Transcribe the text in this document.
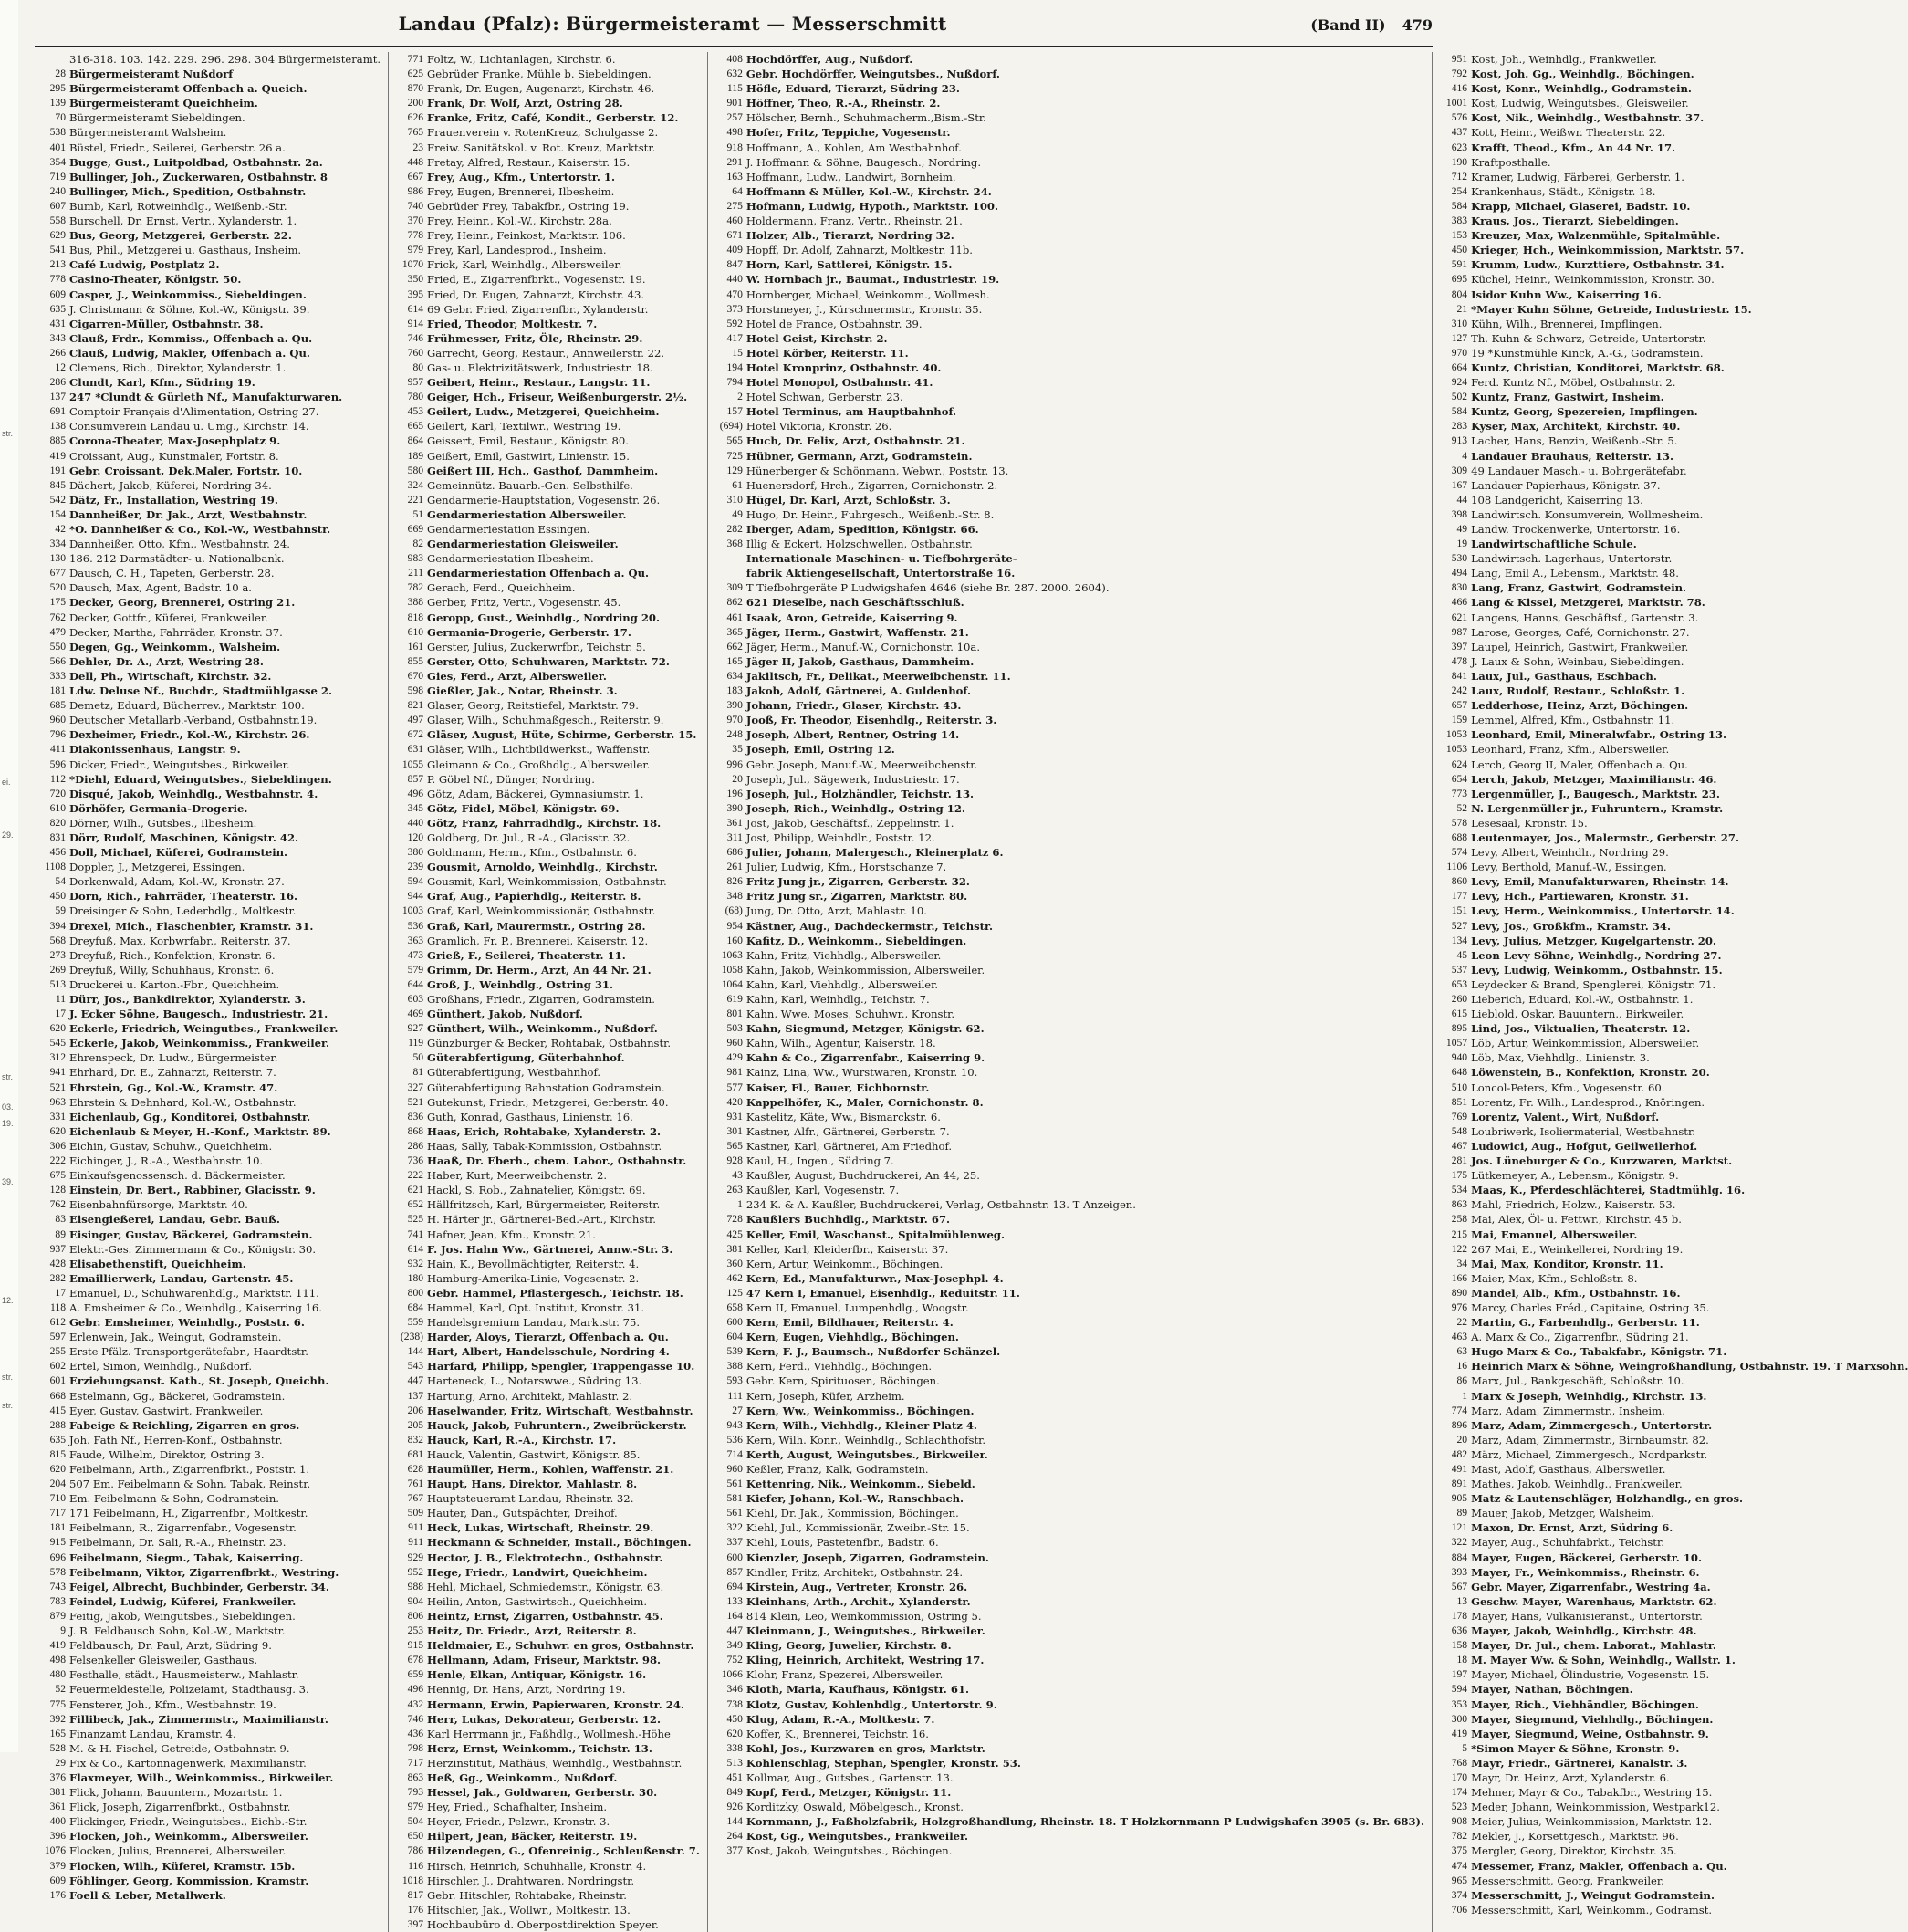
str.
ei.
29.
str.
03.
19.
39.
12.
str.
str.
Landau (Pfalz): Bürgermeisteramt — Messerschmitt	(Band II) 479
316-318. 103. 142. 229. 296. 298. 304 Bürgermeisteramt.
28 Bürgermeisteramt Nußdorf
295 Bürgermeisteramt Offenbach a. Queich.
139 Bürgermeisteramt Queichheim.
70 Bürgermeisteramt Siebeldingen.
538 Bürgermeisteramt Walsheim.
401 Büstel, Friedr., Seilerei, Gerberstr. 26 a.
354 Bugge, Gust., Luitpoldbad, Ostbahnstr. 2a.
719 Bullinger, Joh., Zuckerwaren, Ostbahnstr. 8
240 Bullinger, Mich., Spedition, Ostbahnstr.
607 Bumb, Karl, Rotweinhdlg., Weißenb.-Str.
558 Burschell, Dr. Ernst, Vertr., Xylanderstr. 1.
629 Bus, Georg, Metzgerei, Gerberstr. 22.
541 Bus, Phil., Metzgerei u. Gasthaus, Insheim.
213 Café Ludwig, Postplatz 2.
778 Casino-Theater, Königstr. 50.
609 Casper, J., Weinkommiss., Siebeldingen.
635 J. Christmann & Söhne, Kol.-W., Königstr. 39.
431 Cigarren-Müller, Ostbahnstr. 38.
343 Clauß, Frdr., Kommiss., Offenbach a. Qu.
266 Clauß, Ludwig, Makler, Offenbach a. Qu.
12 Clemens, Rich., Direktor, Xylanderstr. 1.
286 Clundt, Karl, Kfm., Südring 19.
137 247 *Clundt & Gürleth Nf., Manufakturwaren.
691 Comptoir Français d'Alimentation, Ostring 27.
138 Consumverein Landau u. Umg., Kirchstr. 14.
885 Corona-Theater, Max-Josephplatz 9.
419 Croissant, Aug., Kunstmaler, Fortstr. 8.
191 Gebr. Croissant, Dek.Maler, Fortstr. 10.
845 Dächert, Jakob, Küferei, Nordring 34.
542 Dätz, Fr., Installation, Westring 19.
154 Dannheißer, Dr. Jak., Arzt, Westbahnstr.
42 *O. Dannheißer & Co., Kol.-W., Westbahnstr.
334 Dannheißer, Otto, Kfm., Westbahnstr. 24.
130 186. 212 Darmstädter- u. Nationalbank.
677 Dausch, C. H., Tapeten, Gerberstr. 28.
520 Dausch, Max, Agent, Badstr. 10 a.
175 Decker, Georg, Brennerei, Ostring 21.
762 Decker, Gottfr., Küferei, Frankweiler.
479 Decker, Martha, Fahrräder, Kronstr. 37.
550 Degen, Gg., Weinkomm., Walsheim.
566 Dehler, Dr. A., Arzt, Westring 28.
333 Dell, Ph., Wirtschaft, Kirchstr. 32.
181 Ldw. Deluse Nf., Buchdr., Stadtmühlgasse 2.
685 Demetz, Eduard, Bücherrev., Marktstr. 100.
960 Deutscher Metallarb.-Verband, Ostbahnstr.19.
796 Dexheimer, Friedr., Kol.-W., Kirchstr. 26.
411 Diakonissenhaus, Langstr. 9.
596 Dicker, Friedr., Weingutsbes., Birkweiler.
112 *Diehl, Eduard, Weingutsbes., Siebeldingen.
720 Disqué, Jakob, Weinhdlg., Westbahnstr. 4.
610 Dörhöfer, Germania-Drogerie.
820 Dörner, Wilh., Gutsbes., Ilbesheim.
831 Dörr, Rudolf, Maschinen, Königstr. 42.
456 Doll, Michael, Küferei, Godramstein.
1108 Doppler, J., Metzgerei, Essingen.
54 Dorkenwald, Adam, Kol.-W., Kronstr. 27.
450 Dorn, Rich., Fahrräder, Theaterstr. 16.
59 Dreisinger & Sohn, Lederhdlg., Moltkestr.
394 Drexel, Mich., Flaschenbier, Kramstr. 31.
568 Dreyfuß, Max, Korbwrfabr., Reiterstr. 37.
273 Dreyfuß, Rich., Konfektion, Kronstr. 6.
269 Dreyfuß, Willy, Schuhhaus, Kronstr. 6.
513 Druckerei u. Karton.-Fbr., Queichheim.
11 Dürr, Jos., Bankdirektor, Xylanderstr. 3.
17 J. Ecker Söhne, Baugesch., Industriestr. 21.
620 Eckerle, Friedrich, Weingutbes., Frankweiler.
545 Eckerle, Jakob, Weinkommiss., Frankweiler.
312 Ehrenspeck, Dr. Ludw., Bürgermeister.
941 Ehrhard, Dr. E., Zahnarzt, Reiterstr. 7.
521 Ehrstein, Gg., Kol.-W., Kramstr. 47.
963 Ehrstein & Dehnhard, Kol.-W., Ostbahnstr.
331 Eichenlaub, Gg., Konditorei, Ostbahnstr.
620 Eichenlaub & Meyer, H.-Konf., Marktstr. 89.
306 Eichin, Gustav, Schuhw., Queichheim.
222 Eichinger, J., R.-A., Westbahnstr. 10.
675 Einkaufsgenossensch. d. Bäckermeister.
128 Einstein, Dr. Bert., Rabbiner, Glacisstr. 9.
762 Eisenbahnfürsorge, Marktstr. 40.
83 Eisengießerei, Landau, Gebr. Bauß.
89 Eisinger, Gustav, Bäckerei, Godramstein.
937 Elektr.-Ges. Zimmermann & Co., Königstr. 30.
428 Elisabethenstift, Queichheim.
282 Emaillierwerk, Landau, Gartenstr. 45.
17 Emanuel, D., Schuhwarenhdlg., Marktstr. 111.
118 A. Emsheimer & Co., Weinhdlg., Kaiserring 16.
612 Gebr. Emsheimer, Weinhdlg., Poststr. 6.
597 Erlenwein, Jak., Weingut, Godramstein.
255 Erste Pfälz. Transportgerätefabr., Haardtstr.
602 Ertel, Simon, Weinhdlg., Nußdorf.
601 Erziehungsanst. Kath., St. Joseph, Queichh.
668 Estelmann, Gg., Bäckerei, Godramstein.
415 Eyer, Gustav, Gastwirt, Frankweiler.
288 Fabeige & Reichling, Zigarren en gros.
635 Joh. Fath Nf., Herren-Konf., Ostbahnstr.
815 Faude, Wilhelm, Direktor, Ostring 3.
620 Feibelmann, Arth., Zigarrenfbrkt., Poststr. 1.
204 507 Em. Feibelmann & Sohn, Tabak, Reinstr.
710 Em. Feibelmann & Sohn, Godramstein.
717 171 Feibelmann, H., Zigarrenfbr., Moltkestr.
181 Feibelmann, R., Zigarrenfabr., Vogesenstr.
915 Feibelmann, Dr. Sali, R.-A., Rheinstr. 23.
696 Feibelmann, Siegm., Tabak, Kaiserring.
578 Feibelmann, Viktor, Zigarrenfbrkt., Westring.
743 Feigel, Albrecht, Buchbinder, Gerberstr. 34.
783 Feindel, Ludwig, Küferei, Frankweiler.
879 Feitig, Jakob, Weingutsbes., Siebeldingen.
9 J. B. Feldbausch Sohn, Kol.-W., Marktstr.
419 Feldbausch, Dr. Paul, Arzt, Südring 9.
498 Felsenkeller Gleisweiler, Gasthaus.
480 Festhalle, städt., Hausmeisterw., Mahlastr.
52 Feuermeldestelle, Polizeiamt, Stadthausg. 3.
775 Fensterer, Joh., Kfm., Westbahnstr. 19.
392 Fillibeck, Jak., Zimmermstr., Maximilianstr.
165 Finanzamt Landau, Kramstr. 4.
528 M. & H. Fischel, Getreide, Ostbahnstr. 9.
29 Fix & Co., Kartonnagenwerk, Maximilianstr.
376 Flaxmeyer, Wilh., Weinkommiss., Birkweiler.
381 Flick, Johann, Bauuntern., Mozartstr. 1.
361 Flick, Joseph, Zigarrenfbrkt., Ostbahnstr.
400 Flickinger, Friedr., Weingutsbes., Eichb.-Str.
396 Flocken, Joh., Weinkomm., Albersweiler.
1076 Flocken, Julius, Brennerei, Albersweiler.
379 Flocken, Wilh., Küferei, Kramstr. 15b.
609 Föhlinger, Georg, Kommission, Kramstr.
176 Foell & Leber, Metallwerk.
771 Foltz, W., Lichtanlagen, Kirchstr. 6.
625 Gebrüder Franke, Mühle b. Siebeldingen.
870 Frank, Dr. Eugen, Augenarzt, Kirchstr. 46.
200 Frank, Dr. Wolf, Arzt, Ostring 28.
626 Franke, Fritz, Café, Kondit., Gerberstr. 12.
765 Frauenverein v. RotenKreuz, Schulgasse 2.
23 Freiw. Sanitätskol. v. Rot. Kreuz, Marktstr.
448 Fretay, Alfred, Restaur., Kaiserstr. 15.
667 Frey, Aug., Kfm., Untertorstr. 1.
986 Frey, Eugen, Brennerei, Ilbesheim.
740 Gebrüder Frey, Tabakfbr., Ostring 19.
370 Frey, Heinr., Kol.-W., Kirchstr. 28a.
778 Frey, Heinr., Feinkost, Marktstr. 106.
979 Frey, Karl, Landesprod., Insheim.
1070 Frick, Karl, Weinhdlg., Albersweiler.
350 Fried, E., Zigarrenfbrkt., Vogesenstr. 19.
395 Fried, Dr. Eugen, Zahnarzt, Kirchstr. 43.
614 69 Gebr. Fried, Zigarrenfbr., Xylanderstr.
914 Fried, Theodor, Moltkestr. 7.
746 Frühmesser, Fritz, Öle, Rheinstr. 29.
760 Garrecht, Georg, Restaur., Annweilerstr. 22.
80 Gas- u. Elektrizitätswerk, Industriestr. 18.
957 Geibert, Heinr., Restaur., Langstr. 11.
780 Geiger, Hch., Friseur, Weißenburgerstr. 2½.
453 Geilert, Ludw., Metzgerei, Queichheim.
665 Geilert, Karl, Textilwr., Westring 19.
864 Geissert, Emil, Restaur., Königstr. 80.
189 Geißert, Emil, Gastwirt, Linienstr. 15.
580 Geißert III, Hch., Gasthof, Dammheim.
324 Gemeinnütz. Bauarb.-Gen. Selbsthilfe.
221 Gendarmerie-Hauptstation, Vogesenstr. 26.
51 Gendarmeriestation Albersweiler.
669 Gendarmeriestation Essingen.
82 Gendarmeriestation Gleisweiler.
983 Gendarmeriestation Ilbesheim.
211 Gendarmeriestation Offenbach a. Qu.
782 Gerach, Ferd., Queichheim.
388 Gerber, Fritz, Vertr., Vogesenstr. 45.
818 Geropp, Gust., Weinhdlg., Nordring 20.
610 Germania-Drogerie, Gerberstr. 17.
161 Gerster, Julius, Zuckerwrfbr., Teichstr. 5.
855 Gerster, Otto, Schuhwaren, Marktstr. 72.
670 Gies, Ferd., Arzt, Albersweiler.
598 Gießler, Jak., Notar, Rheinstr. 3.
821 Glaser, Georg, Reitstiefel, Marktstr. 79.
497 Glaser, Wilh., Schuhmaßgesch., Reiterstr. 9.
672 Gläser, August, Hüte, Schirme, Gerberstr. 15.
631 Gläser, Wilh., Lichtbildwerkst., Waffenstr.
1055 Gleimann & Co., Großhdlg., Albersweiler.
857 P. Göbel Nf., Dünger, Nordring.
496 Götz, Adam, Bäckerei, Gymnasiumstr. 1.
345 Götz, Fidel, Möbel, Königstr. 69.
440 Götz, Franz, Fahrradhdlg., Kirchstr. 18.
120 Goldberg, Dr. Jul., R.-A., Glacisstr. 32.
380 Goldmann, Herm., Kfm., Ostbahnstr. 6.
239 Gousmit, Arnoldo, Weinhdlg., Kirchstr.
594 Gousmit, Karl, Weinkommission, Ostbahnstr.
944 Graf, Aug., Papierhdlg., Reiterstr. 8.
1003 Graf, Karl, Weinkommissionär, Ostbahnstr.
536 Graß, Karl, Maurermstr., Ostring 28.
363 Gramlich, Fr. P., Brennerei, Kaiserstr. 12.
473 Grieß, F., Seilerei, Theaterstr. 11.
579 Grimm, Dr. Herm., Arzt, An 44 Nr. 21.
644 Groß, J., Weinhdlg., Ostring 31.
603 Großhans, Friedr., Zigarren, Godramstein.
469 Günthert, Jakob, Nußdorf.
927 Günthert, Wilh., Weinkomm., Nußdorf.
119 Günzburger & Becker, Rohtabak, Ostbahnstr.
50 Güterabfertigung, Güterbahnhof.
81 Güterabfertigung, Westbahnhof.
327 Güterabfertigung Bahnstation Godramstein.
521 Gutekunst, Friedr., Metzgerei, Gerberstr. 40.
836 Guth, Konrad, Gasthaus, Linienstr. 16.
868 Haas, Erich, Rohtabake, Xylanderstr. 2.
286 Haas, Sally, Tabak-Kommission, Ostbahnstr.
736 Haaß, Dr. Eberh., chem. Labor., Ostbahnstr.
222 Haber, Kurt, Meerweibchenstr. 2.
621 Hackl, S. Rob., Zahnatelier, Königstr. 69.
652 Hällfritzsch, Karl, Bürgermeister, Reiterstr.
525 H. Härter jr., Gärtnerei-Bed.-Art., Kirchstr.
741 Hafner, Jean, Kfm., Kronstr. 21.
614 F. Jos. Hahn Ww., Gärtnerei, Annw.-Str. 3.
932 Hain, K., Bevollmächtigter, Reiterstr. 4.
180 Hamburg-Amerika-Linie, Vogesenstr. 2.
800 Gebr. Hammel, Pflastergesch., Teichstr. 18.
684 Hammel, Karl, Opt. Institut, Kronstr. 31.
559 Handelsgremium Landau, Marktstr. 75.
(238) Harder, Aloys, Tierarzt, Offenbach a. Qu.
144 Hart, Albert, Handelsschule, Nordring 4.
543 Harfard, Philipp, Spengler, Trappengasse 10.
447 Harteneck, L., Notarswwe., Südring 13.
137 Hartung, Arno, Architekt, Mahlastr. 2.
206 Haselwander, Fritz, Wirtschaft, Westbahnstr.
205 Hauck, Jakob, Fuhruntern., Zweibrückerstr.
832 Hauck, Karl, R.-A., Kirchstr. 17.
681 Hauck, Valentin, Gastwirt, Königstr. 85.
628 Haumüller, Herm., Kohlen, Waffenstr. 21.
761 Haupt, Hans, Direktor, Mahlastr. 8.
767 Hauptsteueramt Landau, Rheinstr. 32.
509 Hauter, Dan., Gutspächter, Dreihof.
911 Heck, Lukas, Wirtschaft, Rheinstr. 29.
911 Heckmann & Schneider, Install., Böchingen.
929 Hector, J. B., Elektrotechn., Ostbahnstr.
952 Hege, Friedr., Landwirt, Queichheim.
988 Hehl, Michael, Schmiedemstr., Königstr. 63.
904 Heilin, Anton, Gastwirtsch., Queichheim.
806 Heintz, Ernst, Zigarren, Ostbahnstr. 45.
253 Heitz, Dr. Friedr., Arzt, Reiterstr. 8.
915 Heldmaier, E., Schuhwr. en gros, Ostbahnstr.
678 Hellmann, Adam, Friseur, Marktstr. 98.
659 Henle, Elkan, Antiquar, Königstr. 16.
496 Hennig, Dr. Hans, Arzt, Nordring 19.
432 Hermann, Erwin, Papierwaren, Kronstr. 24.
746 Herr, Lukas, Dekorateur, Gerberstr. 12.
436 Karl Herrmann jr., Faßhdlg., Wollmesh.-Höhe
798 Herz, Ernst, Weinkomm., Teichstr. 13.
717 Herzinstitut, Mathäus, Weinhdlg., Westbahnstr.
863 Heß, Gg., Weinkomm., Nußdorf.
793 Hessel, Jak., Goldwaren, Gerberstr. 30.
979 Hey, Fried., Schafhalter, Insheim.
504 Heyer, Friedr., Pelzwr., Kronstr. 3.
650 Hilpert, Jean, Bäcker, Reiterstr. 19.
786 Hilzendegen, G., Ofenreinig., Schleußenstr. 7.
116 Hirsch, Heinrich, Schuhhalle, Kronstr. 4.
1018 Hirschler, J., Drahtwaren, Nordringstr.
817 Gebr. Hitschler, Rohtabake, Rheinstr.
176 Hitschler, Jak., Wollwr., Moltkestr. 13.
397 Hochbaubüro d. Oberpostdirektion Speyer.
408 Hochdörffer, Aug., Nußdorf.
632 Gebr. Hochdörffer, Weingutsbes., Nußdorf.
115 Höfle, Eduard, Tierarzt, Südring 23.
901 Höffner, Theo, R.-A., Rheinstr. 2.
257 Hölscher, Bernh., Schuhmacherm.,Bism.-Str.
498 Hofer, Fritz, Teppiche, Vogesenstr.
918 Hoffmann, A., Kohlen, Am Westbahnhof.
291 J. Hoffmann & Söhne, Baugesch., Nordring.
163 Hoffmann, Ludw., Landwirt, Bornheim.
64 Hoffmann & Müller, Kol.-W., Kirchstr. 24.
275 Hofmann, Ludwig, Hypoth., Marktstr. 100.
460 Holdermann, Franz, Vertr., Rheinstr. 21.
671 Holzer, Alb., Tierarzt, Nordring 32.
409 Hopff, Dr. Adolf, Zahnarzt, Moltkestr. 11b.
847 Horn, Karl, Sattlerei, Königstr. 15.
440 W. Hornbach jr., Baumat., Industriestr. 19.
470 Hornberger, Michael, Weinkomm., Wollmesh.
373 Horstmeyer, J., Kürschnermstr., Kronstr. 35.
592 Hotel de France, Ostbahnstr. 39.
417 Hotel Geist, Kirchstr. 2.
15 Hotel Körber, Reiterstr. 11.
194 Hotel Kronprinz, Ostbahnstr. 40.
794 Hotel Monopol, Ostbahnstr. 41.
2 Hotel Schwan, Gerberstr. 23.
157 Hotel Terminus, am Hauptbahnhof.
(694) Hotel Viktoria, Kronstr. 26.
565 Huch, Dr. Felix, Arzt, Ostbahnstr. 21.
725 Hübner, Germann, Arzt, Godramstein.
129 Hünerberger & Schönmann, Webwr., Poststr. 13.
61 Huenersdorf, Hrch., Zigarren, Cornichonstr. 2.
310 Hügel, Dr. Karl, Arzt, Schloßstr. 3.
49 Hugo, Dr. Heinr., Fuhrgesch., Weißenb.-Str. 8.
282 Iberger, Adam, Spedition, Königstr. 66.
368 Illig & Eckert, Holzschwellen, Ostbahnstr.
Internationale Maschinen- u. Tiefbohrgeräte-
fabrik Aktiengesellschaft, Untertorstraße 16.
309 T Tiefbohrgeräte P Ludwigshafen 4646 (siehe Br. 287. 2000. 2604).
862 621 Dieselbe, nach Geschäftsschluß.
461 Isaak, Aron, Getreide, Kaiserring 9.
365 Jäger, Herm., Gastwirt, Waffenstr. 21.
662 Jäger, Herm., Manuf.-W., Cornichonstr. 10a.
165 Jäger II, Jakob, Gasthaus, Dammheim.
634 Jakiltsch, Fr., Delikat., Meerweibchenstr. 11.
183 Jakob, Adolf, Gärtnerei, A. Guldenhof.
390 Johann, Friedr., Glaser, Kirchstr. 43.
970 Jooß, Fr. Theodor, Eisenhdlg., Reiterstr. 3.
248 Joseph, Albert, Rentner, Ostring 14.
35 Joseph, Emil, Ostring 12.
996 Gebr. Joseph, Manuf.-W., Meerweibchenstr.
20 Joseph, Jul., Sägewerk, Industriestr. 17.
196 Joseph, Jul., Holzhändler, Teichstr. 13.
390 Joseph, Rich., Weinhdlg., Ostring 12.
361 Jost, Jakob, Geschäftsf., Zeppelinstr. 1.
311 Jost, Philipp, Weinhdlr., Poststr. 12.
686 Julier, Johann, Malergesch., Kleinerplatz 6.
261 Julier, Ludwig, Kfm., Horstschanze 7.
826 Fritz Jung jr., Zigarren, Gerberstr. 32.
348 Fritz Jung sr., Zigarren, Marktstr. 80.
(68) Jung, Dr. Otto, Arzt, Mahlastr. 10.
954 Kästner, Aug., Dachdeckermstr., Teichstr.
160 Kafitz, D., Weinkomm., Siebeldingen.
1063 Kahn, Fritz, Viehhdlg., Albersweiler.
1058 Kahn, Jakob, Weinkommission, Albersweiler.
1064 Kahn, Karl, Viehhdlg., Albersweiler.
619 Kahn, Karl, Weinhdlg., Teichstr. 7.
801 Kahn, Wwe. Moses, Schuhwr., Kronstr.
503 Kahn, Siegmund, Metzger, Königstr. 62.
960 Kahn, Wilh., Agentur, Kaiserstr. 18.
429 Kahn & Co., Zigarrenfabr., Kaiserring 9.
981 Kainz, Lina, Ww., Wurstwaren, Kronstr. 10.
577 Kaiser, Fl., Bauer, Eichbornstr.
420 Kappelhöfer, K., Maler, Cornichonstr. 8.
931 Kastelitz, Käte, Ww., Bismarckstr. 6.
301 Kastner, Alfr., Gärtnerei, Gerberstr. 7.
565 Kastner, Karl, Gärtnerei, Am Friedhof.
928 Kaul, H., Ingen., Südring 7.
43 Kaußler, August, Buchdruckerei, An 44, 25.
263 Kaußler, Karl, Vogesenstr. 7.
1 234 K. & A. Kaußler, Buchdruckerei, Verlag, Ostbahnstr. 13. T Anzeigen.
728 Kaußlers Buchhdlg., Marktstr. 67.
425 Keller, Emil, Waschanst., Spitalmühlenweg.
381 Keller, Karl, Kleiderfbr., Kaiserstr. 37.
360 Kern, Artur, Weinkomm., Böchingen.
462 Kern, Ed., Manufakturwr., Max-Josephpl. 4.
125 47 Kern I, Emanuel, Eisenhdlg., Reduitstr. 11.
658 Kern II, Emanuel, Lumpenhdlg., Woogstr.
600 Kern, Emil, Bildhauer, Reiterstr. 4.
604 Kern, Eugen, Viehhdlg., Böchingen.
539 Kern, F. J., Baumsch., Nußdorfer Schänzel.
388 Kern, Ferd., Viehhdlg., Böchingen.
593 Gebr. Kern, Spirituosen, Böchingen.
111 Kern, Joseph, Küfer, Arzheim.
27 Kern, Ww., Weinkommiss., Böchingen.
943 Kern, Wilh., Viehhdlg., Kleiner Platz 4.
536 Kern, Wilh. Konr., Weinhdlg., Schlachthofstr.
714 Kerth, August, Weingutsbes., Birkweiler.
960 Keßler, Franz, Kalk, Godramstein.
561 Kettenring, Nik., Weinkomm., Siebeld.
581 Kiefer, Johann, Kol.-W., Ranschbach.
561 Kiehl, Dr. Jak., Kommission, Böchingen.
322 Kiehl, Jul., Kommissionär, Zweibr.-Str. 15.
337 Kiehl, Louis, Pastetenfbr., Badstr. 6.
600 Kienzler, Joseph, Zigarren, Godramstein.
857 Kindler, Fritz, Architekt, Ostbahnstr. 24.
694 Kirstein, Aug., Vertreter, Kronstr. 26.
133 Kleinhans, Arth., Archit., Xylanderstr.
164 814 Klein, Leo, Weinkommission, Ostring 5.
447 Kleinmann, J., Weingutsbes., Birkweiler.
349 Kling, Georg, Juwelier, Kirchstr. 8.
752 Kling, Heinrich, Architekt, Westring 17.
1066 Klohr, Franz, Spezerei, Albersweiler.
346 Kloth, Maria, Kaufhaus, Königstr. 61.
738 Klotz, Gustav, Kohlenhdlg., Untertorstr. 9.
450 Klug, Adam, R.-A., Moltkestr. 7.
620 Koffer, K., Brennerei, Teichstr. 16.
338 Kohl, Jos., Kurzwaren en gros, Marktstr.
513 Kohlenschlag, Stephan, Spengler, Kronstr. 53.
451 Kollmar, Aug., Gutsbes., Gartenstr. 13.
849 Kopf, Ferd., Metzger, Königstr. 11.
926 Korditzky, Oswald, Möbelgesch., Kronst.
144 Kornmann, J., Faßholzfabrik, Holzgroßhandlung, Rheinstr. 18. T Holzkornmann P Ludwigshafen 3905 (s. Br. 683).
264 Kost, Gg., Weingutsbes., Frankweiler.
377 Kost, Jakob, Weingutsbes., Böchingen.
951 Kost, Joh., Weinhdlg., Frankweiler.
792 Kost, Joh. Gg., Weinhdlg., Böchingen.
416 Kost, Konr., Weinhdlg., Godramstein.
1001 Kost, Ludwig, Weingutsbes., Gleisweiler.
576 Kost, Nik., Weinhdlg., Westbahnstr. 37.
437 Kott, Heinr., Weißwr. Theaterstr. 22.
623 Krafft, Theod., Kfm., An 44 Nr. 17.
190 Kraftposthalle.
712 Kramer, Ludwig, Färberei, Gerberstr. 1.
254 Krankenhaus, Städt., Königstr. 18.
584 Krapp, Michael, Glaserei, Badstr. 10.
383 Kraus, Jos., Tierarzt, Siebeldingen.
153 Kreuzer, Max, Walzenmühle, Spitalmühle.
450 Krieger, Hch., Weinkommission, Marktstr. 57.
591 Krumm, Ludw., Kurzttiere, Ostbahnstr. 34.
695 Küchel, Heinr., Weinkommission, Kronstr. 30.
804 Isidor Kuhn Ww., Kaiserring 16.
21 *Mayer Kuhn Söhne, Getreide, Industriestr. 15.
310 Kühn, Wilh., Brennerei, Impflingen.
127 Th. Kuhn & Schwarz, Getreide, Untertorstr.
970 19 *Kunstmühle Kinck, A.-G., Godramstein.
664 Kuntz, Christian, Konditorei, Marktstr. 68.
924 Ferd. Kuntz Nf., Möbel, Ostbahnstr. 2.
502 Kuntz, Franz, Gastwirt, Insheim.
584 Kuntz, Georg, Spezereien, Impflingen.
283 Kyser, Max, Architekt, Kirchstr. 40.
913 Lacher, Hans, Benzin, Weißenb.-Str. 5.
4 Landauer Brauhaus, Reiterstr. 13.
309 49 Landauer Masch.- u. Bohrgerätefabr.
167 Landauer Papierhaus, Königstr. 37.
44 108 Landgericht, Kaiserring 13.
398 Landwirtsch. Konsumverein, Wollmesheim.
49 Landw. Trockenwerke, Untertorstr. 16.
19 Landwirtschaftliche Schule.
530 Landwirtsch. Lagerhaus, Untertorstr.
494 Lang, Emil A., Lebensm., Marktstr. 48.
830 Lang, Franz, Gastwirt, Godramstein.
466 Lang & Kissel, Metzgerei, Marktstr. 78.
621 Langens, Hanns, Geschäftsf., Gartenstr. 3.
987 Larose, Georges, Café, Cornichonstr. 27.
397 Laupel, Heinrich, Gastwirt, Frankweiler.
478 J. Laux & Sohn, Weinbau, Siebeldingen.
841 Laux, Jul., Gasthaus, Eschbach.
242 Laux, Rudolf, Restaur., Schloßstr. 1.
657 Ledderhose, Heinz, Arzt, Böchingen.
159 Lemmel, Alfred, Kfm., Ostbahnstr. 11.
1053 Leonhard, Emil, Mineralwfabr., Ostring 13.
1053 Leonhard, Franz, Kfm., Albersweiler.
624 Lerch, Georg II, Maler, Offenbach a. Qu.
654 Lerch, Jakob, Metzger, Maximilianstr. 46.
773 Lergenmüller, J., Baugesch., Marktstr. 23.
52 N. Lergenmüller jr., Fuhruntern., Kramstr.
578 Lesesaal, Kronstr. 15.
688 Leutenmayer, Jos., Malermstr., Gerberstr. 27.
574 Levy, Albert, Weinhdlr., Nordring 29.
1106 Levy, Berthold, Manuf.-W., Essingen.
860 Levy, Emil, Manufakturwaren, Rheinstr. 14.
177 Levy, Hch., Partiewaren, Kronstr. 31.
151 Levy, Herm., Weinkommiss., Untertorstr. 14.
527 Levy, Jos., Großkfm., Kramstr. 34.
134 Levy, Julius, Metzger, Kugelgartenstr. 20.
45 Leon Levy Söhne, Weinhdlg., Nordring 27.
537 Levy, Ludwig, Weinkomm., Ostbahnstr. 15.
653 Leydecker & Brand, Spenglerei, Königstr. 71.
260 Lieberich, Eduard, Kol.-W., Ostbahnstr. 1.
615 Lieblold, Oskar, Bauuntern., Birkweiler.
895 Lind, Jos., Viktualien, Theaterstr. 12.
1057 Löb, Artur, Weinkommission, Albersweiler.
940 Löb, Max, Viehhdlg., Linienstr. 3.
648 Löwenstein, B., Konfektion, Kronstr. 20.
510 Loncol-Peters, Kfm., Vogesenstr. 60.
851 Lorentz, Fr. Wilh., Landesprod., Knöringen.
769 Lorentz, Valent., Wirt, Nußdorf.
548 Loubriwerk, Isoliermaterial, Westbahnstr.
467 Ludowici, Aug., Hofgut, Geilweilerhof.
281 Jos. Lüneburger & Co., Kurzwaren, Marktst.
175 Lütkemeyer, A., Lebensm., Königstr. 9.
534 Maas, K., Pferdeschlächterei, Stadtmühlg. 16.
863 Mahl, Friedrich, Holzw., Kaiserstr. 53.
258 Mai, Alex, Öl- u. Fettwr., Kirchstr. 45 b.
215 Mai, Emanuel, Albersweiler.
122 267 Mai, E., Weinkellerei, Nordring 19.
34 Mai, Max, Konditor, Kronstr. 11.
166 Maier, Max, Kfm., Schloßstr. 8.
890 Mandel, Alb., Kfm., Ostbahnstr. 16.
976 Marcy, Charles Fréd., Capitaine, Ostring 35.
22 Martin, G., Farbenhdlg., Gerberstr. 11.
463 A. Marx & Co., Zigarrenfbr., Südring 21.
63 Hugo Marx & Co., Tabakfabr., Königstr. 71.
16 Heinrich Marx & Söhne, Weingroßhandlung, Ostbahnstr. 19. T Marxsohn.
86 Marx, Jul., Bankgeschäft, Schloßstr. 10.
1 Marx & Joseph, Weinhdlg., Kirchstr. 13.
774 Marz, Adam, Zimmermstr., Insheim.
896 Marz, Adam, Zimmergesch., Untertorstr.
20 Marz, Adam, Zimmermstr., Birnbaumstr. 82.
482 März, Michael, Zimmergesch., Nordparkstr.
491 Mast, Adolf, Gasthaus, Albersweiler.
891 Mathes, Jakob, Weinhdlg., Frankweiler.
905 Matz & Lautenschläger, Holzhandlg., en gros.
89 Mauer, Jakob, Metzger, Walsheim.
121 Maxon, Dr. Ernst, Arzt, Südring 6.
322 Mayer, Aug., Schuhfabrkt., Teichstr.
884 Mayer, Eugen, Bäckerei, Gerberstr. 10.
393 Mayer, Fr., Weinkommiss., Rheinstr. 6.
567 Gebr. Mayer, Zigarrenfabr., Westring 4a.
13 Geschw. Mayer, Warenhaus, Marktstr. 62.
178 Mayer, Hans, Vulkanisieranst., Untertorstr.
636 Mayer, Jakob, Weinhdlg., Kirchstr. 48.
158 Mayer, Dr. Jul., chem. Laborat., Mahlastr.
18 M. Mayer Ww. & Sohn, Weinhdlg., Wallstr. 1.
197 Mayer, Michael, Ölindustrie, Vogesenstr. 15.
594 Mayer, Nathan, Böchingen.
353 Mayer, Rich., Viehhändler, Böchingen.
300 Mayer, Siegmund, Viehhdlg., Böchingen.
419 Mayer, Siegmund, Weine, Ostbahnstr. 9.
5 *Simon Mayer & Söhne, Kronstr. 9.
768 Mayr, Friedr., Gärtnerei, Kanalstr. 3.
170 Mayr, Dr. Heinz, Arzt, Xylanderstr. 6.
174 Mehner, Mayr & Co., Tabakfbr., Westring 15.
523 Meder, Johann, Weinkommission, Westpark12.
908 Meier, Julius, Weinkommission, Marktstr. 12.
782 Mekler, J., Korsettgesch., Marktstr. 96.
375 Mergler, Georg, Direktor, Kirchstr. 35.
474 Messemer, Franz, Makler, Offenbach a. Qu.
965 Messerschmitt, Georg, Frankweiler.
374 Messerschmitt, J., Weingut Godramstein.
706 Messerschmitt, Karl, Weinkomm., Godramst.
